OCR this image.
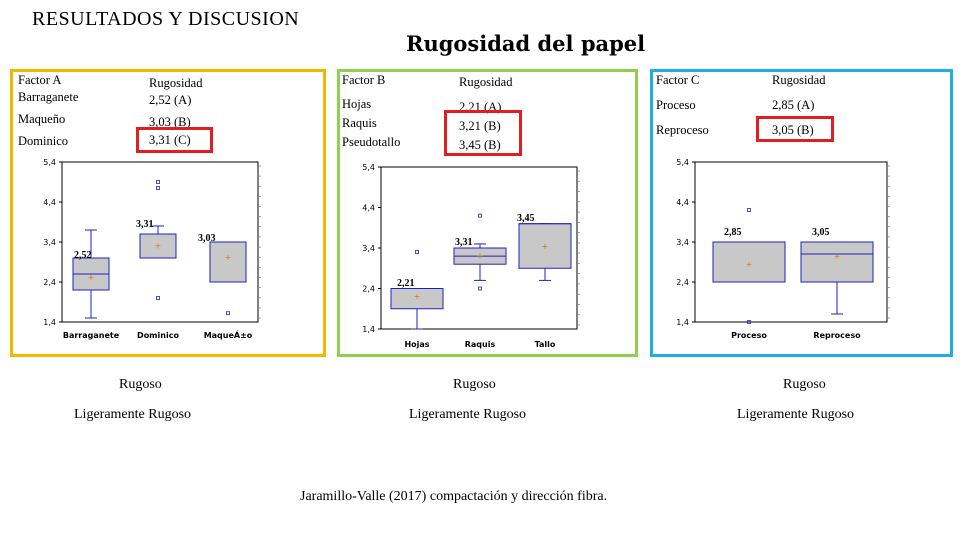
RESULTADOS Y DISCUSION
Rugosidad del papel
Factor A
Barraganete
Maqueño
Dominico
Rugosidad
2,52 (A)
3,03 (B)
3,31 (C)
Factor B
Hojas
Raquis
Pseudotallo
Rugosidad
2,21 (A)
3,21 (B)
3,45 (B)
Factor C
Proceso
Reproceso
Rugosidad
2,85 (A)
3,05 (B)
1,4
2,4
3,4
4,4
5,4
+
Barraganete
+
Dominico
+
MaqueÁ±o
2,52
3,31
3,03
1,4
2,4
3,4
4,4
5,4
+
Hojas
+
Raquis
+
Tallo
2,21
3,31
3,45
1,4
2,4
3,4
4,4
5,4
+
Proceso
+
Reproceso
2,85	3,05
Rugoso
Ligeramente Rugoso
Rugoso
Ligeramente Rugoso
Rugoso
Ligeramente Rugoso
Jaramillo-Valle (2017) compactación y dirección fibra.
